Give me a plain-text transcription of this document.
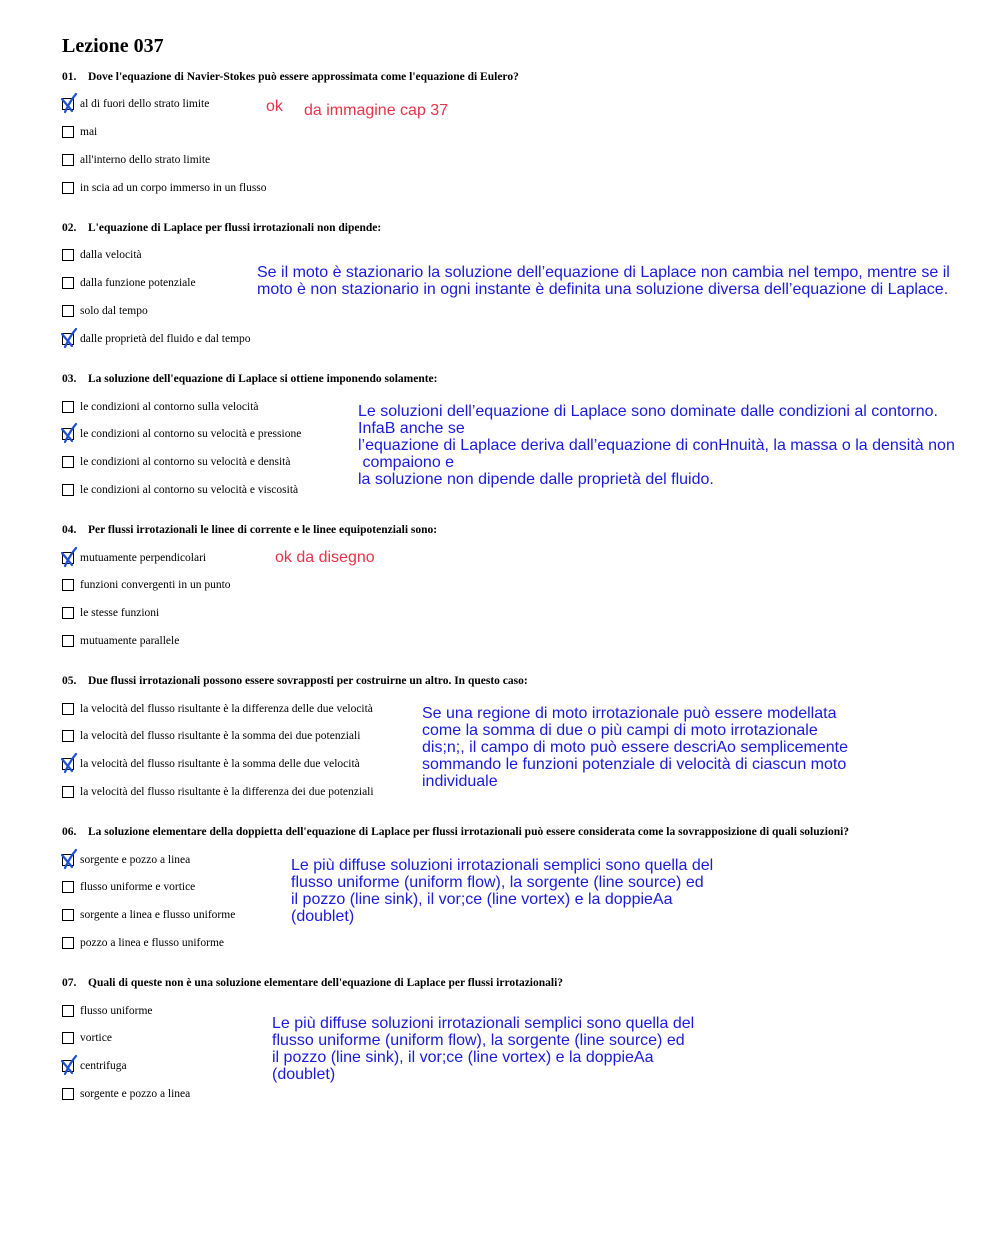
Lezione 037
01. Dove l'equazione di Navier-Stokes può essere approssimata come l'equazione di Eulero?
al di fuori dello strato limite
mai
all'interno dello strato limite
in scia ad un corpo immerso in un flusso
ok da immagine cap 37
02. L'equazione di Laplace per flussi irrotazionali non dipende:
dalla velocità
dalla funzione potenziale
solo dal tempo
dalle proprietà del fluido e dal tempo
Se il moto è stazionario la soluzione dell’equazione di Laplace non cambia nel tempo, mentre se il
moto è non stazionario in ogni instante è definita una soluzione diversa dell’equazione di Laplace.
03. La soluzione dell'equazione di Laplace si ottiene imponendo solamente:
le condizioni al contorno sulla velocità
le condizioni al contorno su velocità e pressione
le condizioni al contorno su velocità e densità
le condizioni al contorno su velocità e viscosità
Le soluzioni dell’equazione di Laplace sono dominate dalle condizioni al contorno.
InfaB anche se
l’equazione di Laplace deriva dall’equazione di conHnuità, la massa o la densità non
compaiono e
la soluzione non dipende dalle proprietà del fluido.
04. Per flussi irrotazionali le linee di corrente e le linee equipotenziali sono:
mutuamente perpendicolari
funzioni convergenti in un punto
le stesse funzioni
mutuamente parallele
ok da disegno
05. Due flussi irrotazionali possono essere sovrapposti per costruirne un altro. In questo caso:
la velocità del flusso risultante è la differenza delle due velocità
la velocità del flusso risultante è la somma dei due potenziali
la velocità del flusso risultante è la somma delle due velocità
la velocità del flusso risultante è la differenza dei due potenziali
Se una regione di moto irrotazionale può essere modellata
come la somma di due o più campi di moto irrotazionale
dis;n;, il campo di moto può essere descriAo semplicemente
sommando le funzioni potenziale di velocità di ciascun moto
individuale
06. La soluzione elementare della doppietta dell'equazione di Laplace per flussi irrotazionali può essere considerata come la sovrapposizione di quali soluzioni?
sorgente e pozzo a linea
flusso uniforme e vortice
sorgente a linea e flusso uniforme
pozzo a linea e flusso uniforme
Le più diffuse soluzioni irrotazionali semplici sono quella del
flusso uniforme (uniform flow), la sorgente (line source) ed
il pozzo (line sink), il vor;ce (line vortex) e la doppieAa
(doublet)
07. Quali di queste non è una soluzione elementare dell'equazione di Laplace per flussi irrotazionali?
flusso uniforme
vortice
centrifuga
sorgente e pozzo a linea
Le più diffuse soluzioni irrotazionali semplici sono quella del
flusso uniforme (uniform flow), la sorgente (line source) ed
il pozzo (line sink), il vor;ce (line vortex) e la doppieAa
(doublet)
